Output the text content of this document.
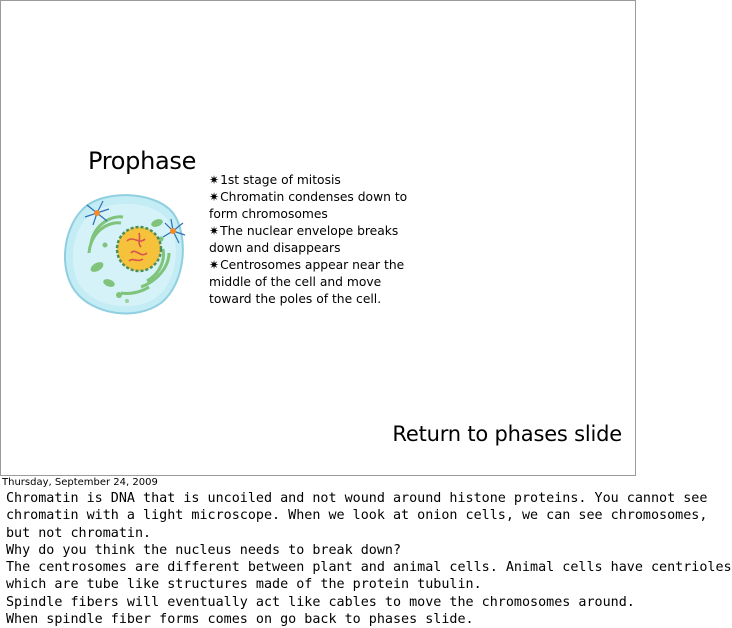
Prophase
✷1st stage of mitosis
✷Chromatin condenses down to form chromosomes
✷The nuclear envelope breaks down and disappears
✷Centrosomes appear near the middle of the cell and move toward the poles of the cell.
Return to phases slide
Thursday, September 24, 2009
Chromatin is DNA that is uncoiled and not wound around histone proteins. You cannot see
chromatin with a light microscope. When we look at onion cells, we can see chromosomes,
but not chromatin.
Why do you think the nucleus needs to break down?
The centrosomes are different between plant and animal cells. Animal cells have centrioles
which are tube like structures made of the protein tubulin.
Spindle fibers will eventually act like cables to move the chromosomes around.
When spindle fiber forms comes on go back to phases slide.
